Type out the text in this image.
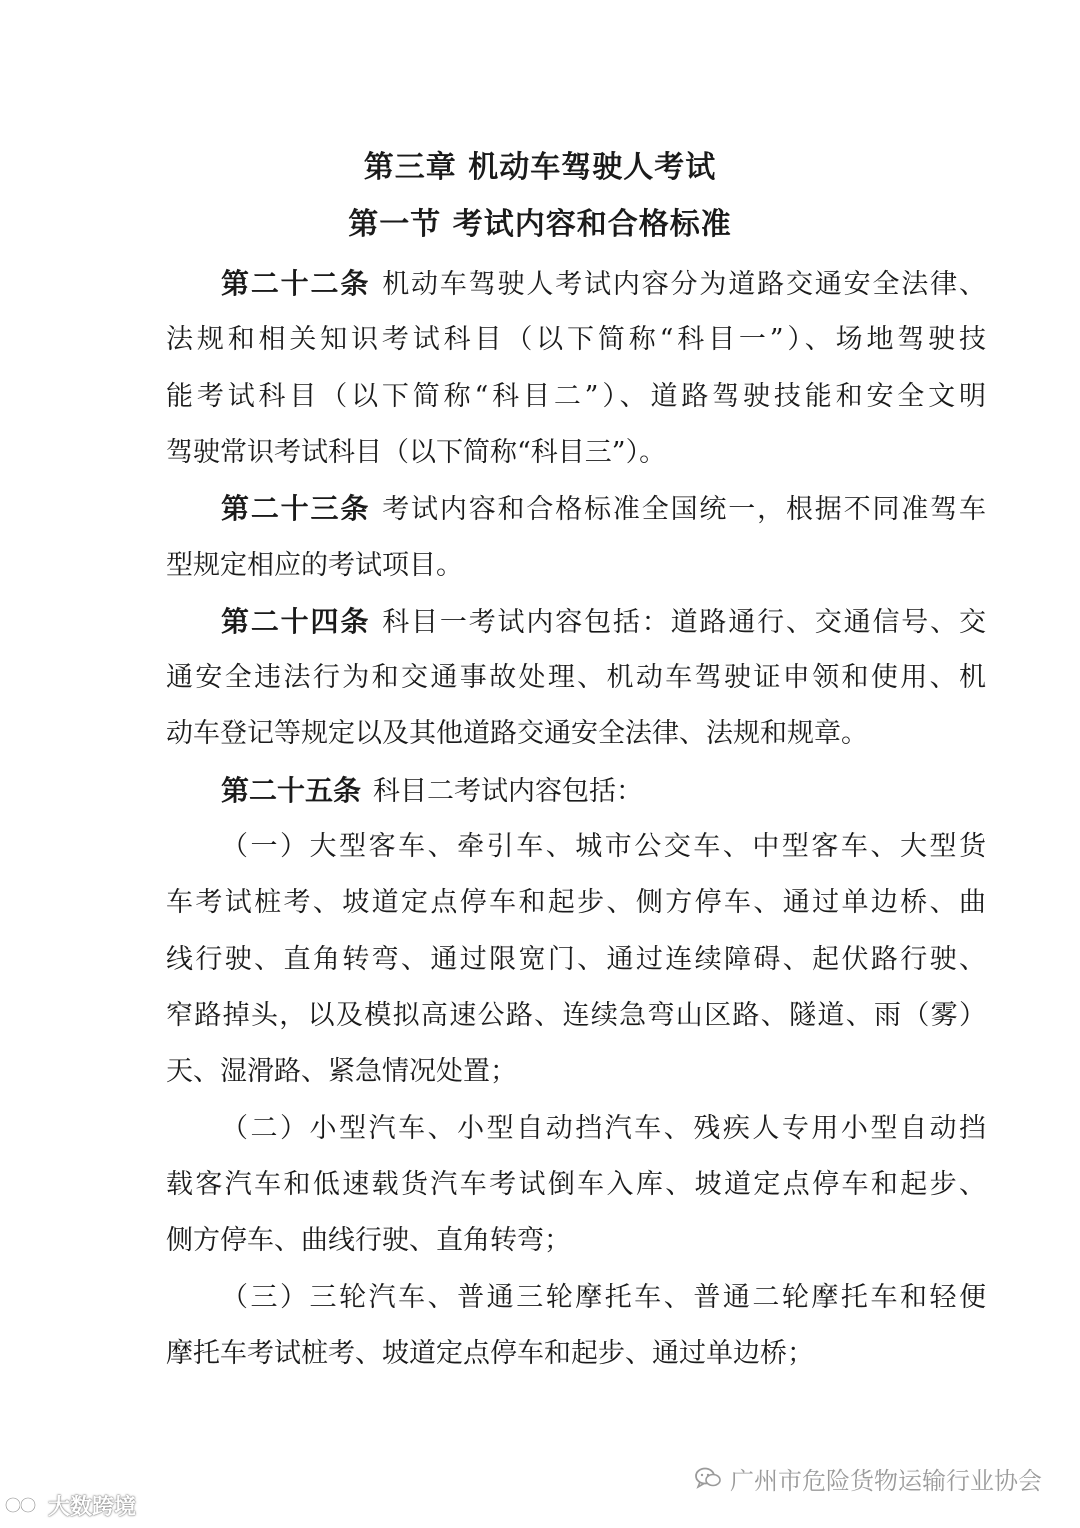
第三章 机动车驾驶人考试
第一节 考试内容和合格标准
第二十二条 机动车驾驶人考试内容分为道路交通安全法律、
法规和相关知识考试科目（以下简称“科目一”）、场地驾驶技
能考试科目（以下简称“科目二”）、道路驾驶技能和安全文明
驾驶常识考试科目（以下简称“科目三”）。
第二十三条 考试内容和合格标准全国统一，根据不同准驾车
型规定相应的考试项目。
第二十四条 科目一考试内容包括：道路通行、交通信号、交
通安全违法行为和交通事故处理、机动车驾驶证申领和使用、机
动车登记等规定以及其他道路交通安全法律、法规和规章。
第二十五条 科目二考试内容包括：
（一）大型客车、牵引车、城市公交车、中型客车、大型货
车考试桩考、坡道定点停车和起步、侧方停车、通过单边桥、曲
线行驶、直角转弯、通过限宽门、通过连续障碍、起伏路行驶、
窄路掉头，以及模拟高速公路、连续急弯山区路、隧道、雨（雾）
天、湿滑路、紧急情况处置；
（二）小型汽车、小型自动挡汽车、残疾人专用小型自动挡
载客汽车和低速载货汽车考试倒车入库、坡道定点停车和起步、
侧方停车、曲线行驶、直角转弯；
（三）三轮汽车、普通三轮摩托车、普通二轮摩托车和轻便
摩托车考试桩考、坡道定点停车和起步、通过单边桥；
广州市危险货物运输行业协会
大数跨境
